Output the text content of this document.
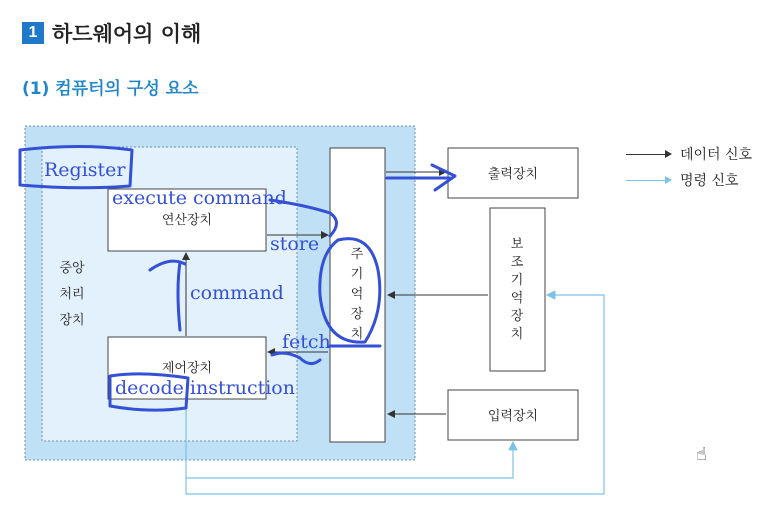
1 하드웨어의 이해
(1) 컴퓨터의 구성 요소
중앙
처리
장치
연산장치
제어장치
주
기
억
장
치
출력장치
보
조
기
억
장
치
입력장치
Register
execute command
store
command
fetch
decode instruction
데이터 신호
명령 신호
☝
